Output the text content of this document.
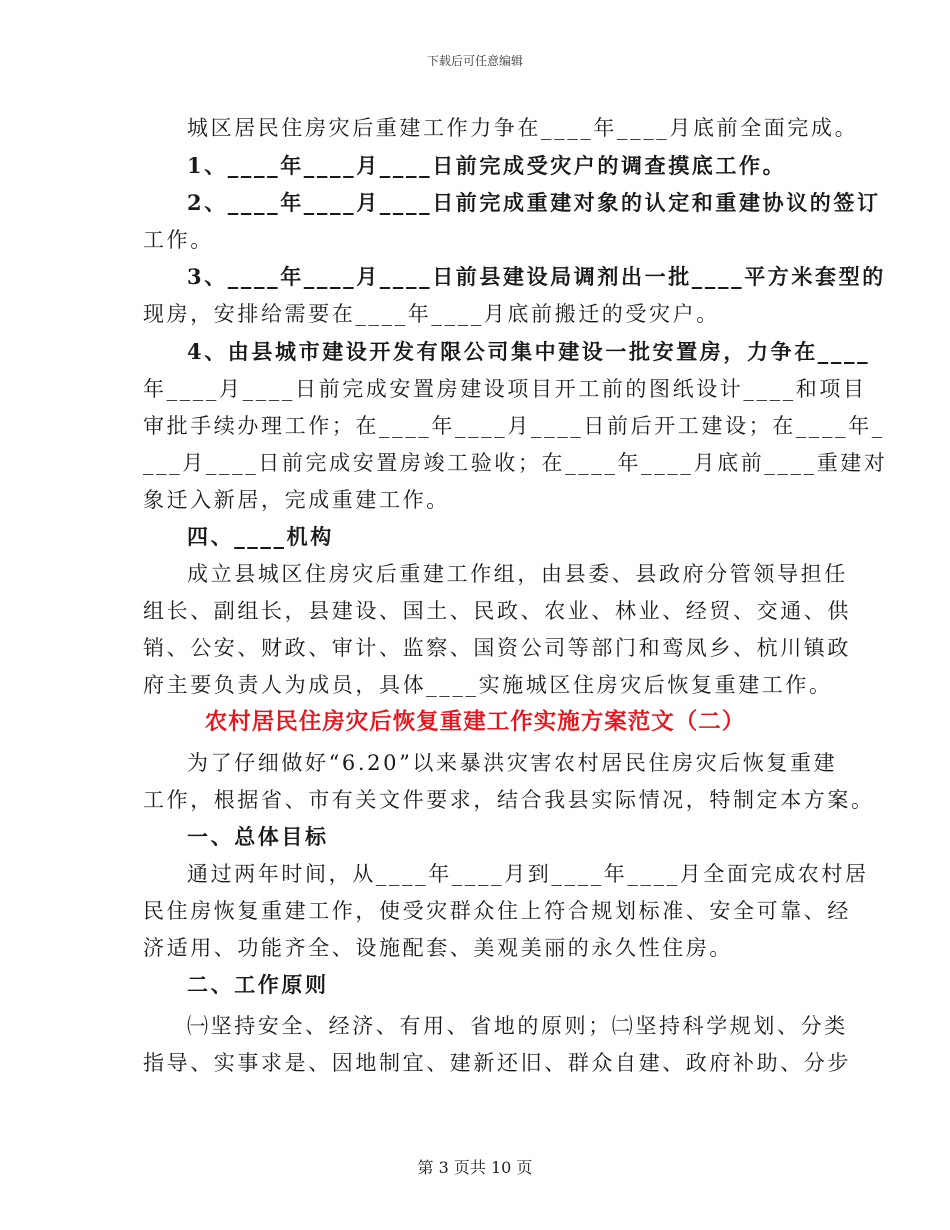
下载后可任意编辑
城区居民住房灾后重建工作力争在____年____月底前全面完成。
1、____年____月____日前完成受灾户的调查摸底工作。
2、____年____月____日前完成重建对象的认定和重建协议的签订
工作。
3、____年____月____日前县建设局调剂出一批____平方米套型的
现房，安排给需要在____年____月底前搬迁的受灾户。
4、由县城市建设开发有限公司集中建设一批安置房，力争在____
年____月____日前完成安置房建设项目开工前的图纸设计____和项目
审批手续办理工作；在____年____月____日前后开工建设；在____年_
___月____日前完成安置房竣工验收；在____年____月底前____重建对
象迁入新居，完成重建工作。
四、____机构
成立县城区住房灾后重建工作组，由县委、县政府分管领导担任
组长、副组长，县建设、国土、民政、农业、林业、经贸、交通、供
销、公安、财政、审计、监察、国资公司等部门和鸾凤乡、杭川镇政
府主要负责人为成员，具体____实施城区住房灾后恢复重建工作。
农村居民住房灾后恢复重建工作实施方案范文（二）
为了仔细做好“6.20”以来暴洪灾害农村居民住房灾后恢复重建
工作，根据省、市有关文件要求，结合我县实际情况，特制定本方案。
一、总体目标
通过两年时间，从____年____月到____年____月全面完成农村居
民住房恢复重建工作，使受灾群众住上符合规划标准、安全可靠、经
济适用、功能齐全、设施配套、美观美丽的永久性住房。
二、工作原则
㈠坚持安全、经济、有用、省地的原则；㈡坚持科学规划、分类
指导、实事求是、因地制宜、建新还旧、群众自建、政府补助、分步
第 3 页共 10 页
